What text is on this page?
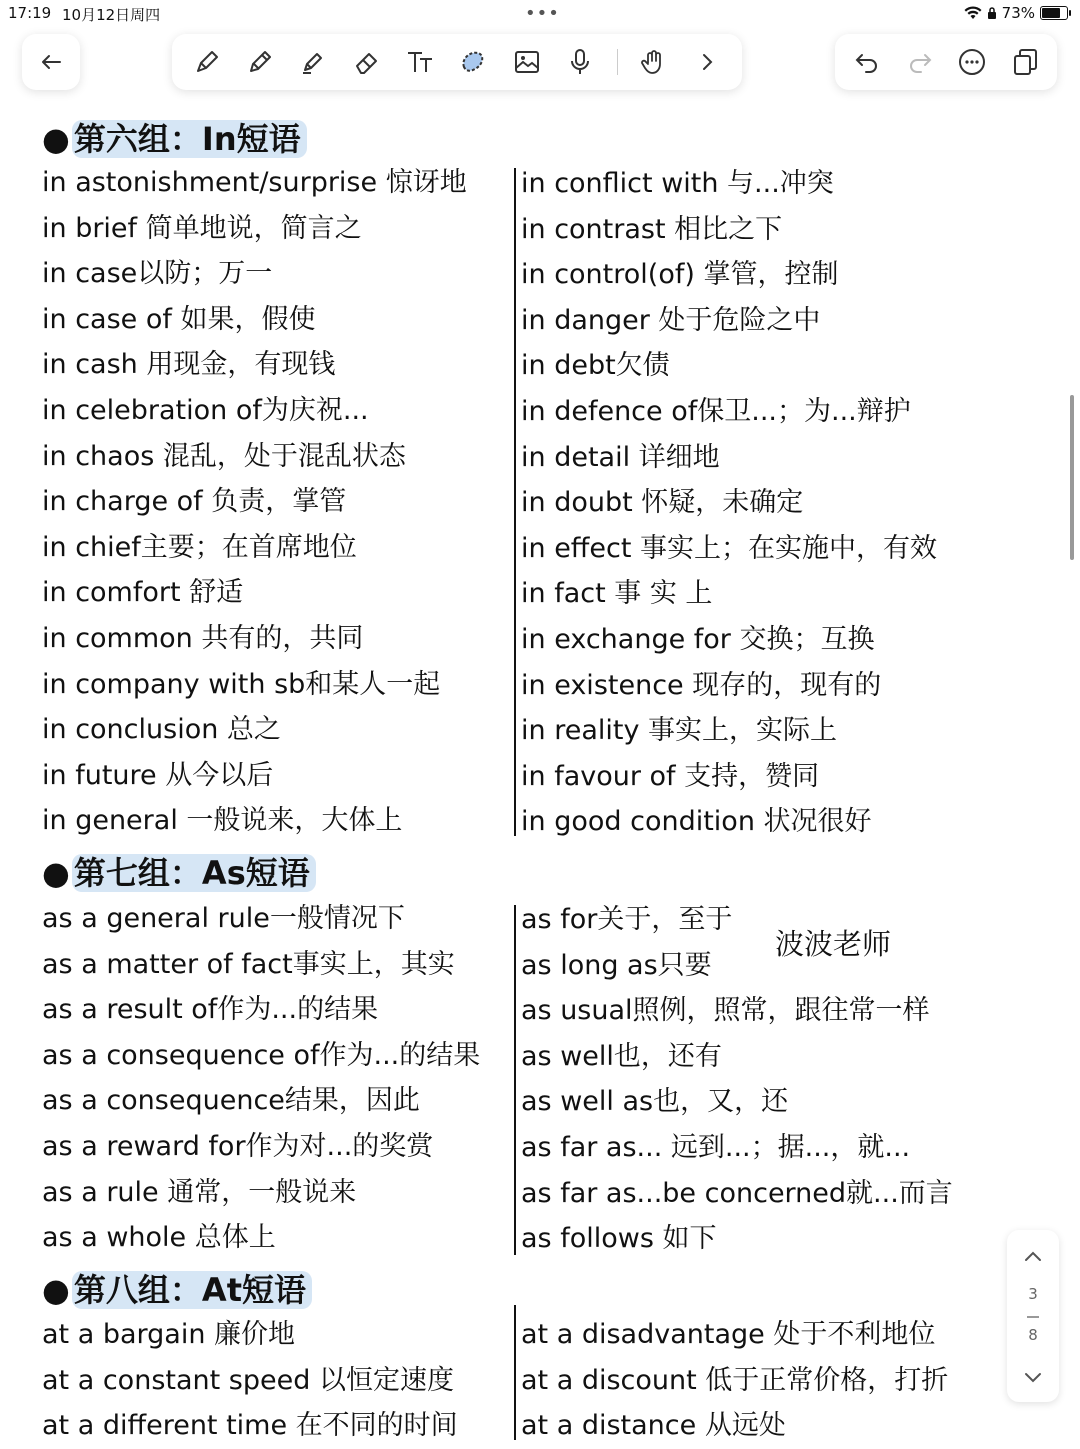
17:19 10月12日周四	•••	73%
● 第六组：In短语
in astonishment/surprise 惊讶地
in brief 简单地说，简言之
in case以防；万一
in case of 如果，假使
in cash 用现金，有现钱
in celebration of为庆祝...
in chaos 混乱，处于混乱状态
in charge of 负责，掌管
in chief主要；在首席地位
in comfort 舒适
in common 共有的，共同
in company with sb和某人一起
in conclusion 总之
in future 从今以后
in general 一般说来，大体上
in conflict with 与...冲突
in contrast 相比之下
in control(of) 掌管，控制
in danger 处于危险之中
in debt欠债
in defence of保卫...；为...辩护
in detail 详细地
in doubt 怀疑，未确定
in effect 事实上；在实施中，有效
in fact 事 实 上
in exchange for 交换；互换
in existence 现存的，现有的
in reality 事实上，实际上
in favour of 支持，赞同
in good condition 状况很好
● 第七组：As短语
as a general rule一般情况下
as a matter of fact事实上，其实
as a result of作为...的结果
as a consequence of作为...的结果
as a consequence结果，因此
as a reward for作为对...的奖赏
as a rule 通常，一般说来
as a whole 总体上
as for关于，至于
as long as只要
as usual照例，照常，跟往常一样
as well也，还有
as well as也，又，还
as far as... 远到...；据...，就...
as far as...be concerned就...而言
as follows 如下
波波老师
● 第八组：At短语
at a bargain 廉价地
at a constant speed 以恒定速度
at a different time 在不同的时间
at a disadvantage 处于不利地位
at a discount 低于正常价格，打折
at a distance 从远处
3
8
